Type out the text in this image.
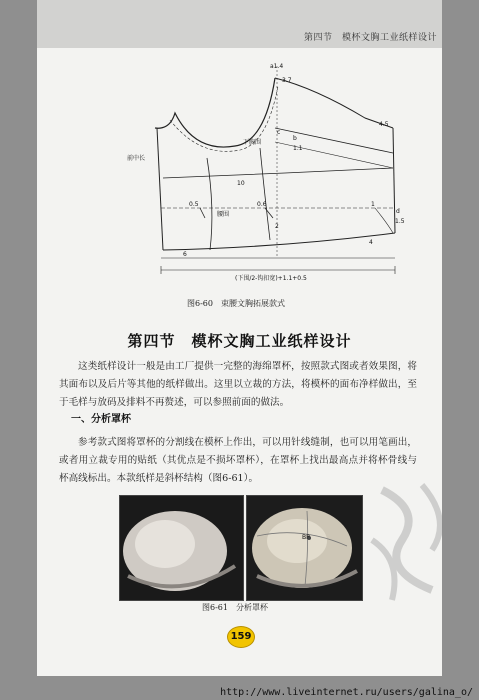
第四节　模杯文胸工业纸样设计
a1.4
3.7
c
b
1.1
4.5
下胸围
前中长
10
0.5	0.6
腰围
2
1
d
1.5
4
6
(下围/2-钩扣宽)+1.1+0.5
图6-60　束腰文胸拓展款式
第四节　模杯文胸工业纸样设计
这类纸样设计一般是由工厂提供一完整的海绵罩杯，按照款式图或者效果图，将其面布以及后片等其他的纸样做出。这里以立裁的方法，将模杯的面布净样做出，至于毛样与放码及排料不再赘述，可以参照前面的做法。
一、分析罩杯
参考款式图将罩杯的分割线在模杯上作出，可以用针线缝制，也可以用笔画出，或者用立裁专用的贴纸（其优点是不损坏罩杯），在罩杯上找出最高点并将杯骨线与杯高线标出。本款纸样是斜杯结构（图6-61）。
BP
图6-61　分析罩杯
159
http://www.liveinternet.ru/users/galina_o/
